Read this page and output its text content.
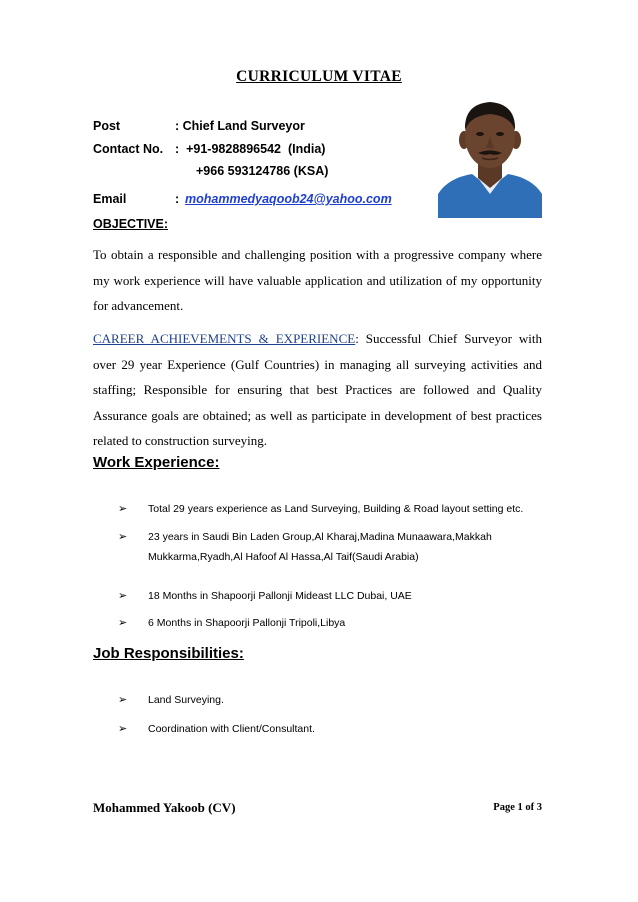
CURRICULUM VITAE
Post	: Chief Land Surveyor
Contact No. :  +91-9828896542  (India)
+966 593124786 (KSA)
Email	: mohammedyaqoob24@yahoo.com
OBJECTIVE:
To obtain a responsible and challenging position with a progressive company where my work experience will have valuable application and utilization of my opportunity for advancement.
CAREER ACHIEVEMENTS & EXPERIENCE: Successful Chief Surveyor with over 29 year Experience (Gulf Countries) in managing all surveying activities and staffing; Responsible for ensuring that best Practices are followed and Quality Assurance goals are obtained; as well as participate in development of best practices related to construction surveying.
Work Experience:
➢ Total 29 years experience as Land Surveying, Building & Road layout setting etc.
➢ 23 years in Saudi Bin Laden Group,Al Kharaj,Madina Munaawara,Makkah Mukkarma,Ryadh,Al Hafoof Al Hassa,Al Taif(Saudi Arabia)
➢ 18 Months in Shapoorji Pallonji Mideast LLC Dubai, UAE
➢ 6 Months in Shapoorji Pallonji Tripoli,Libya
Job Responsibilities:
➢ Land Surveying.
➢ Coordination with Client/Consultant.
Mohammed Yakoob (CV)	Page 1 of 3
